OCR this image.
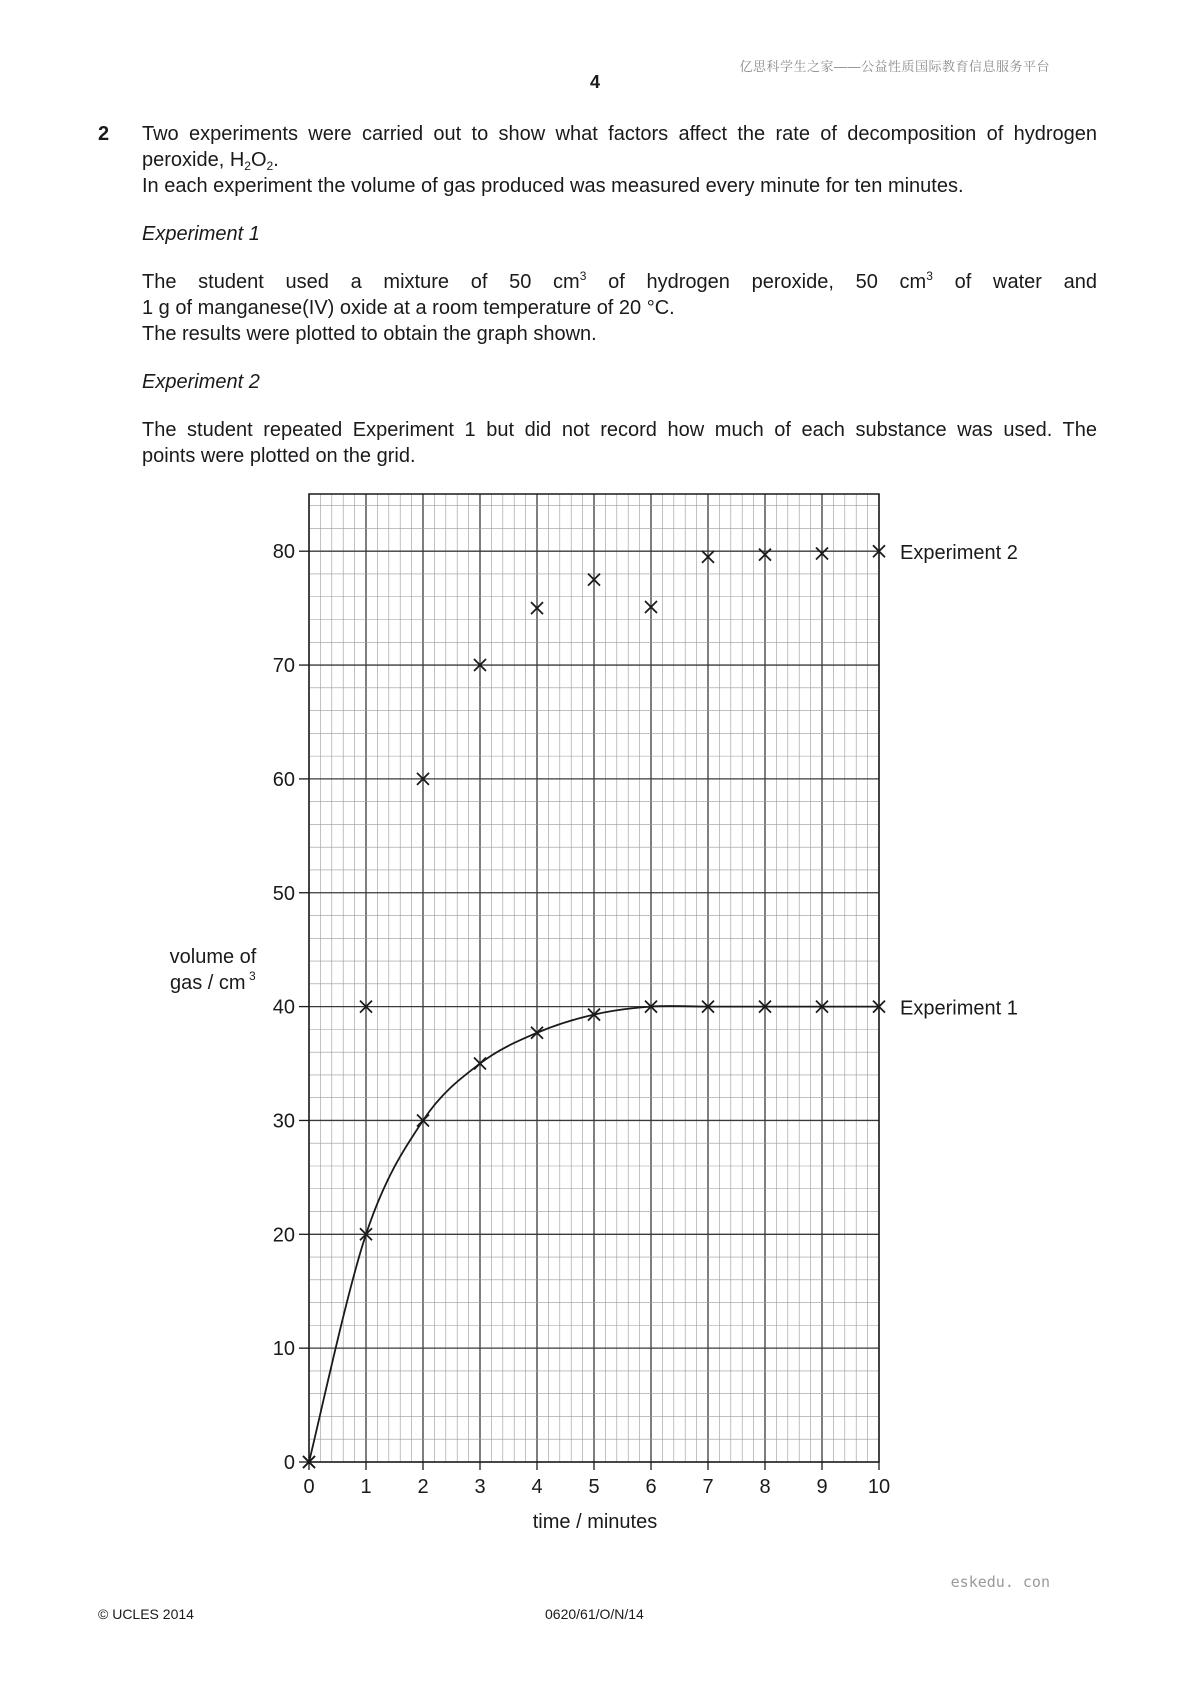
亿思科学生之家——公益性质国际教育信息服务平台
4
2 Two experiments were carried out to show what factors affect the rate of decomposition of hydrogen

peroxide, $H_2O_2$.

In each experiment the volume of gas produced was measured every minute for ten minutes.

Experiment 1

The student used a mixture of 50 $cm^3$ of hydrogen peroxide, 50 $cm^3$ of water and

1 g of manganese(IV) oxide at a room temperature of 20 °C.

The results were plotted to obtain the graph shown.

Experiment 2

The student repeated Experiment 1 but did not record how much of each substance was used. The

points were plotted on the grid.

0 1 2 3 4 5 6 7 8 9 10
0
10
20
30
40
50
60
70
80
time / minutes
volume of
gas / cm 3
Experiment 1
Experiment 2
© UCLES 2014	0620/61/O/N/14
eskedu. con
